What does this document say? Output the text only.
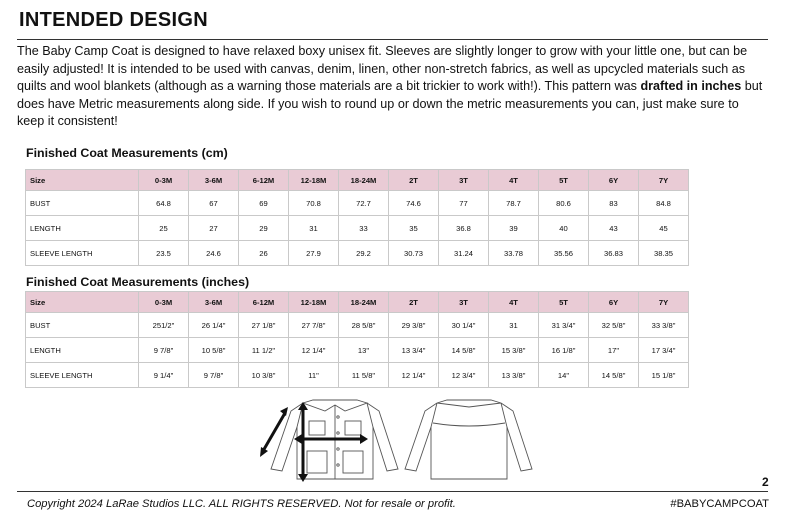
INTENDED DESIGN
The Baby Camp Coat is designed to have relaxed boxy unisex fit. Sleeves are slightly longer to grow with your little one, but can be easily adjusted! It is intended to be used with canvas, denim, linen, other non-stretch fabrics, as well as upcycled materials such as quilts and wool blankets (although as a warning those materials are a bit trickier to work with!). This pattern was drafted in inches but does have Metric measurements along side. If you wish to round up or down the metric measurements you can, just make sure to keep it consistent!
Finished Coat Measurements (cm)
Size	0-3M	3-6M	6-12M	12-18M	18-24M	2T	3T	4T	5T	6Y	7Y
BUST	64.8	67	69	70.8	72.7	74.6	77	78.7	80.6	83	84.8
LENGTH	25	27	29	31	33	35	36.8	39	40	43	45
SLEEVE LENGTH	23.5	24.6	26	27.9	29.2	30.73	31.24	33.78	35.56	36.83	38.35
Finished Coat Measurements (inches)
Size	0-3M	3-6M	6-12M	12-18M	18-24M	2T	3T	4T	5T	6Y	7Y
BUST	251/2"	26 1/4"	27 1/8"	27 7/8"	28 5/8"	29 3/8"	30 1/4"	31	31 3/4"	32 5/8"	33 3/8"
LENGTH	9 7/8"	10 5/8"	11 1/2"	12 1/4"	13"	13 3/4"	14 5/8"	15 3/8"	16 1/8"	17"	17 3/4"
SLEEVE LENGTH	9 1/4"	9 7/8"	10 3/8"	11"	11 5/8"	12 1/4"	12 3/4"	13 3/8"	14"	14 5/8"	15 1/8"
2
Copyright 2024 LaRae Studios LLC. ALL RIGHTS RESERVED. Not for resale or profit.	#BABYCAMPCOAT
